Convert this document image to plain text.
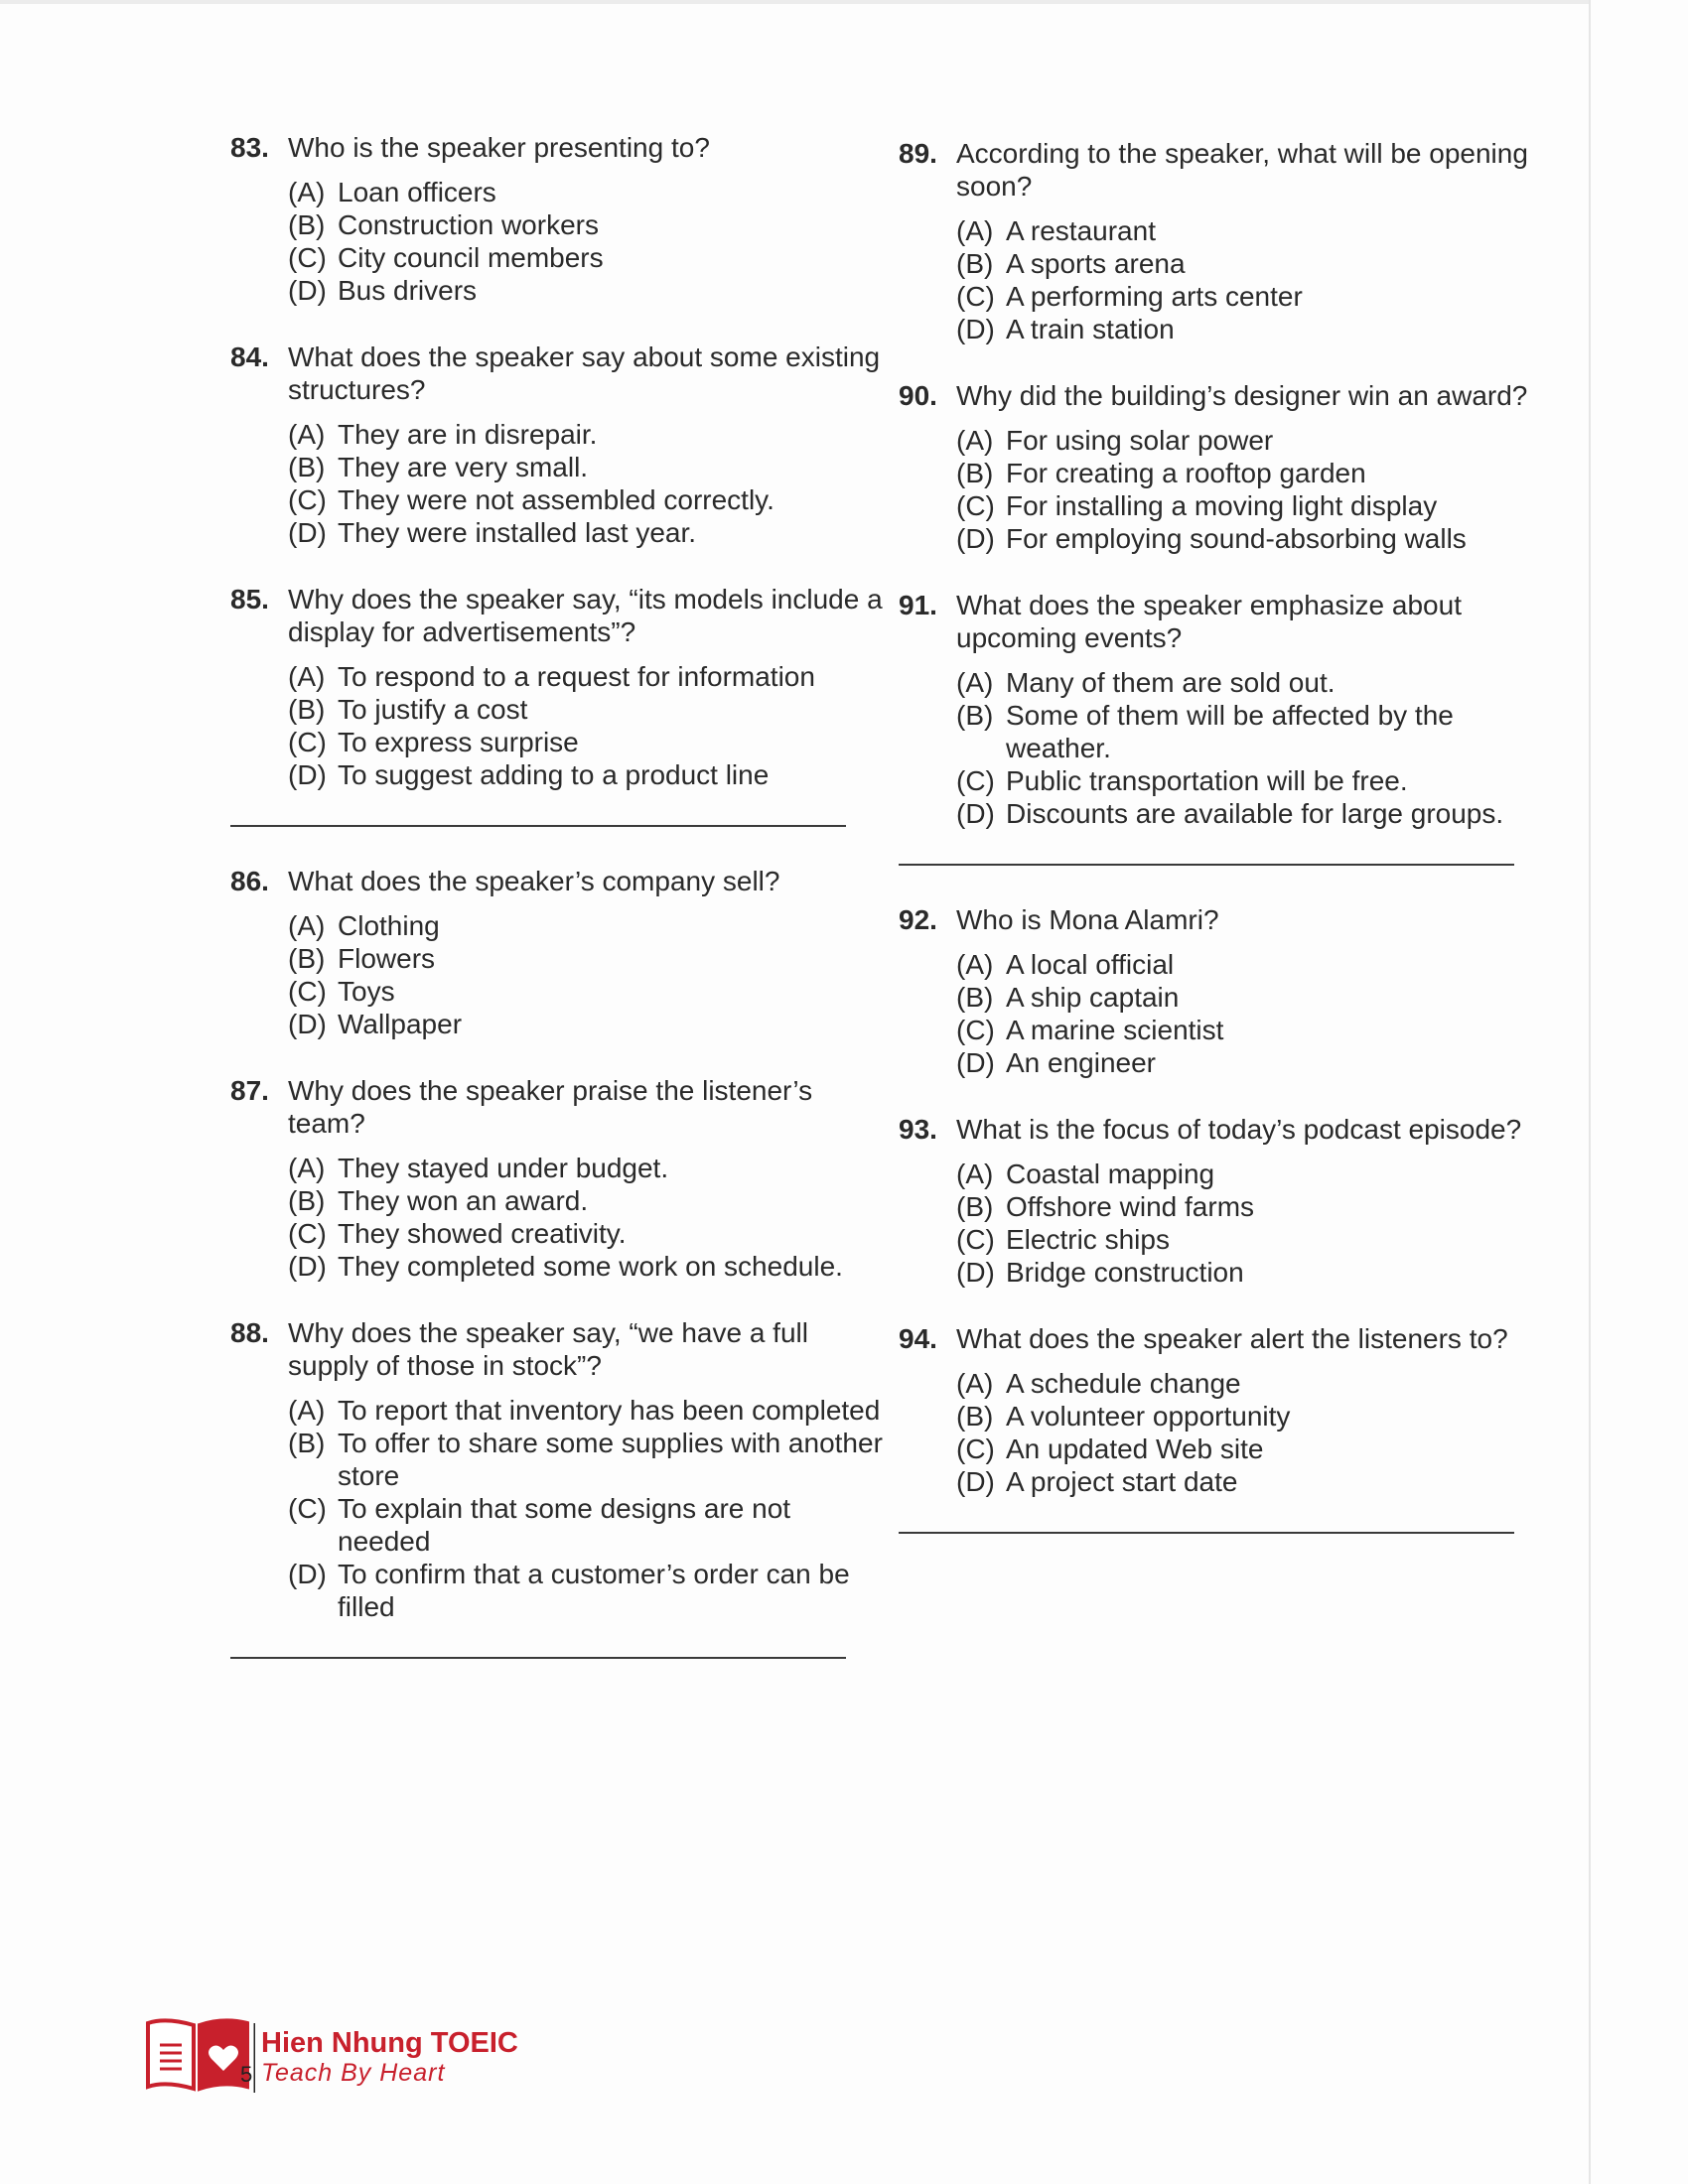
83. Who is the speaker presenting to?
(A) Loan officers
(B) Construction workers
(C) City council members
(D) Bus drivers
84. What does the speaker say about some existing structures?
(A) They are in disrepair.
(B) They are very small.
(C) They were not assembled correctly.
(D) They were installed last year.
85. Why does the speaker say, “its models include a display for advertisements”?
(A) To respond to a request for information
(B) To justify a cost
(C) To express surprise
(D) To suggest adding to a product line
86. What does the speaker’s company sell?
(A) Clothing
(B) Flowers
(C) Toys
(D) Wallpaper
87. Why does the speaker praise the listener’s team?
(A) They stayed under budget.
(B) They won an award.
(C) They showed creativity.
(D) They completed some work on schedule.
88. Why does the speaker say, “we have a full supply of those in stock”?
(A) To report that inventory has been completed
(B) To offer to share some supplies with another store
(C) To explain that some designs are not needed
(D) To confirm that a customer’s order can be filled
89. According to the speaker, what will be opening soon?
(A) A restaurant
(B) A sports arena
(C) A performing arts center
(D) A train station
90. Why did the building’s designer win an award?
(A) For using solar power
(B) For creating a rooftop garden
(C) For installing a moving light display
(D) For employing sound-absorbing walls
91. What does the speaker emphasize about upcoming events?
(A) Many of them are sold out.
(B) Some of them will be affected by the weather.
(C) Public transportation will be free.
(D) Discounts are available for large groups.
92. Who is Mona Alamri?
(A) A local official
(B) A ship captain
(C) A marine scientist
(D) An engineer
93. What is the focus of today’s podcast episode?
(A) Coastal mapping
(B) Offshore wind farms
(C) Electric ships
(D) Bridge construction
94. What does the speaker alert the listeners to?
(A) A schedule change
(B) A volunteer opportunity
(C) An updated Web site
(D) A project start date
5
Hien Nhung TOEIC
Teach By Heart
